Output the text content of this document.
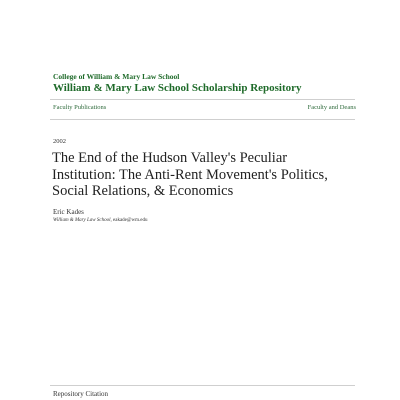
College of William & Mary Law School
William & Mary Law School Scholarship Repository
Faculty Publications	Faculty and Deans
2002
The End of the Hudson Valley's Peculiar
Institution: The Anti-Rent Movement's Politics,
Social Relations, & Economics
Eric Kades
William & Mary Law School, eakade@wm.edu
Repository Citation
